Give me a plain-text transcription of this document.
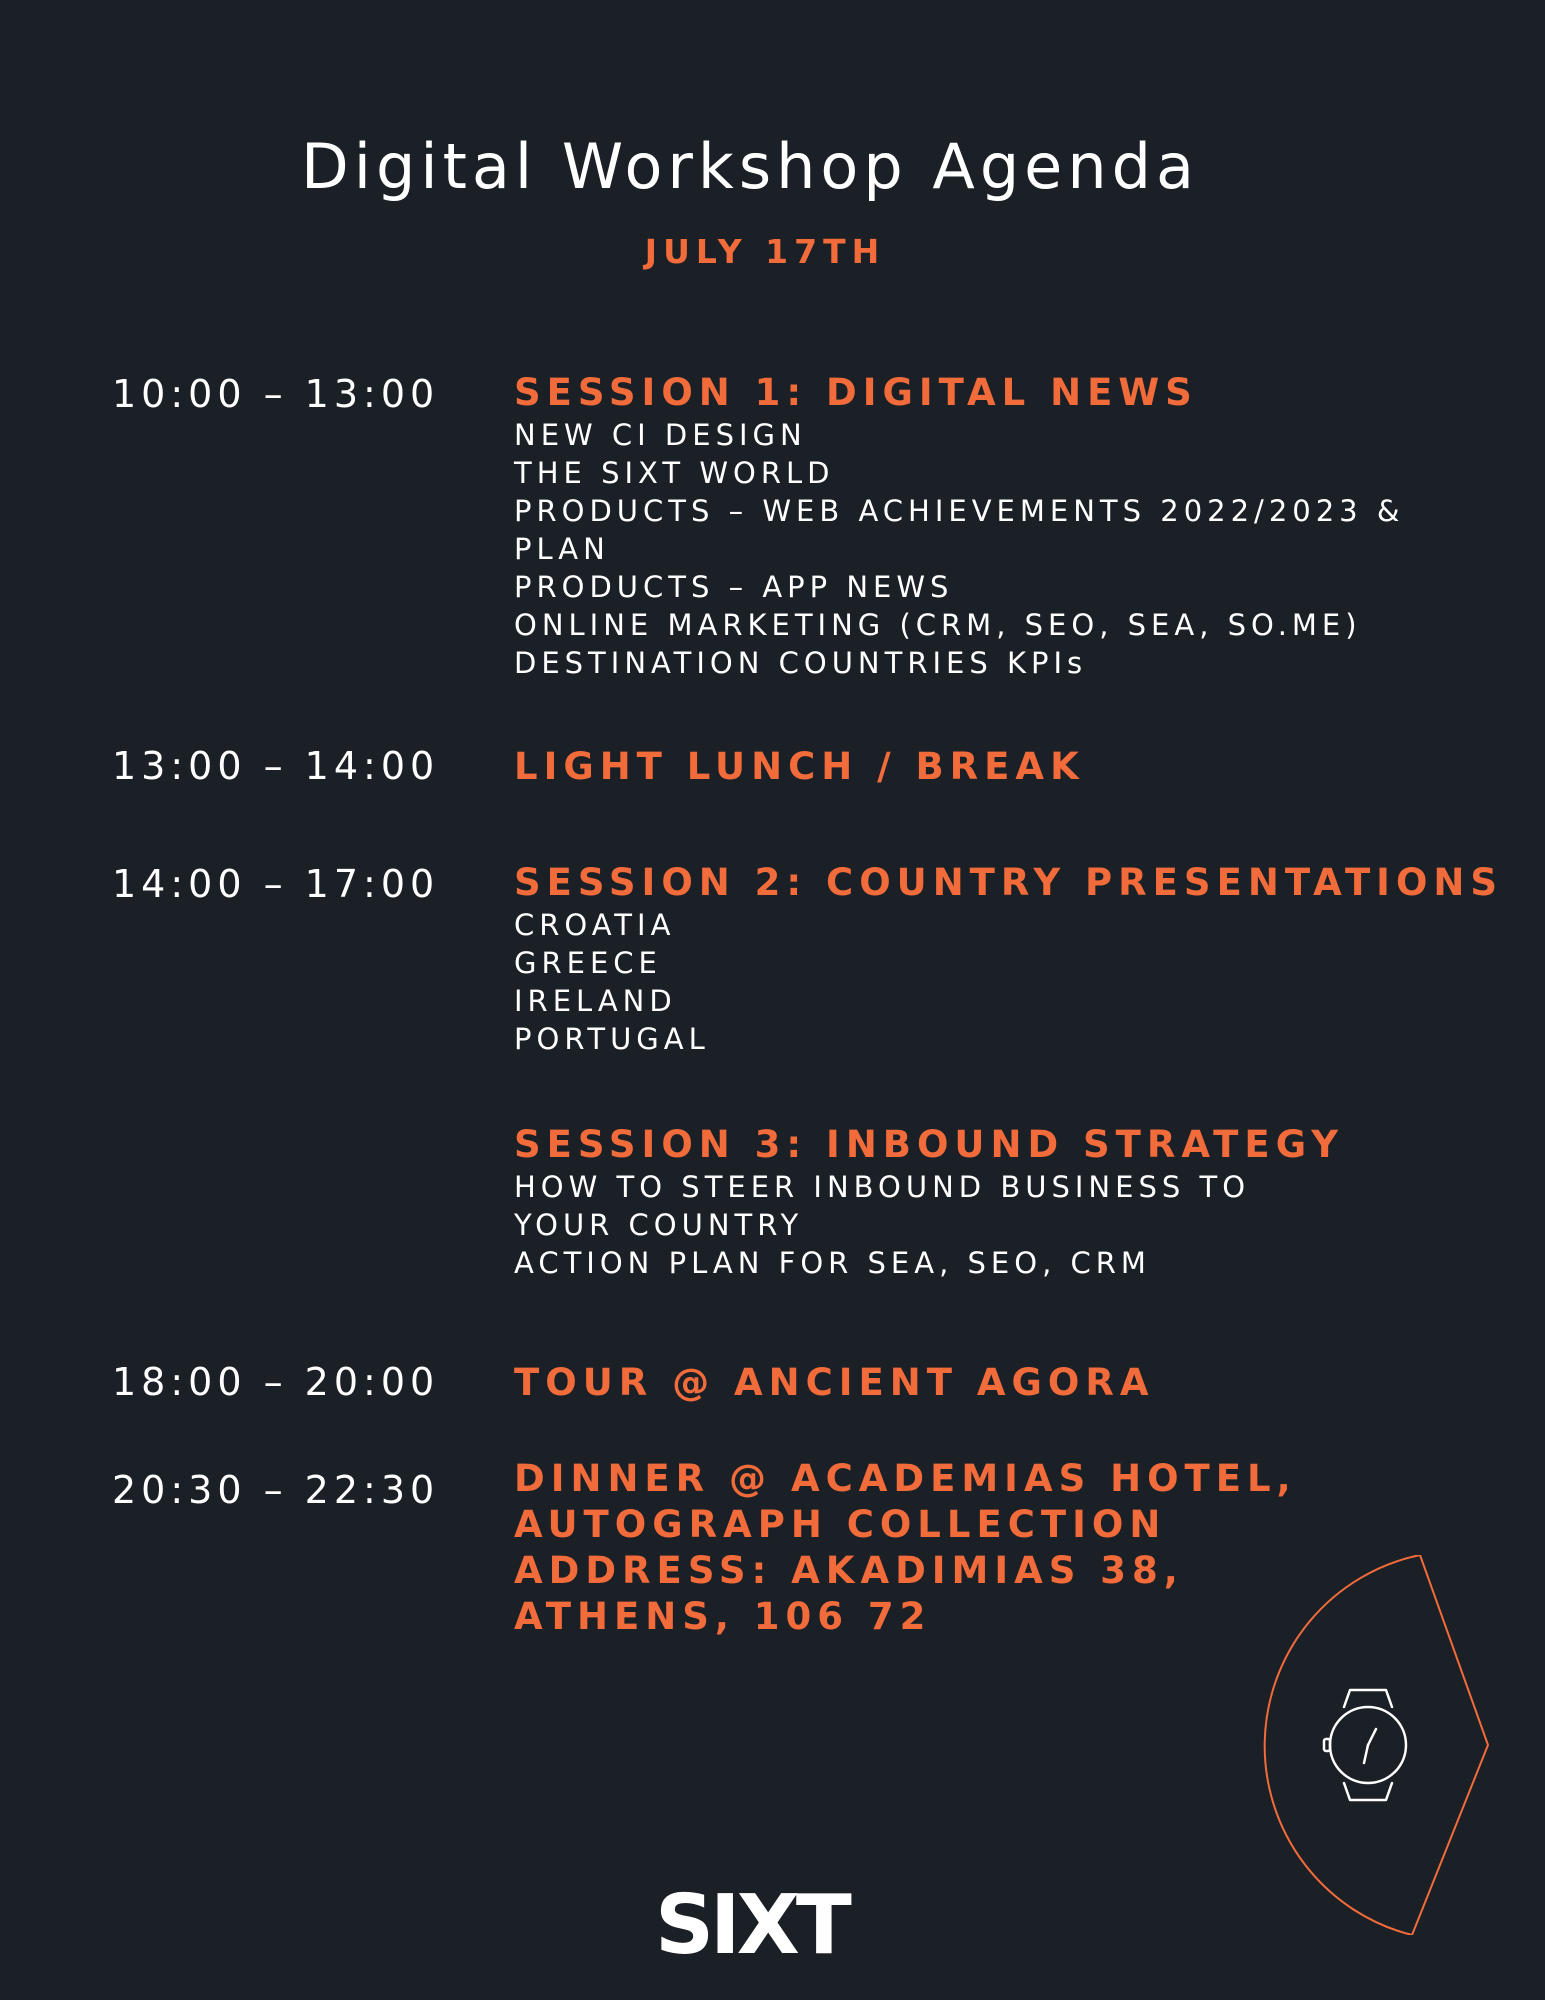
Digital Workshop Agenda
JULY 17TH
10:00 – 13:00 SESSION 1: DIGITAL NEWS
NEW CI DESIGN
THE SIXT WORLD
PRODUCTS – WEB ACHIEVEMENTS 2022/2023 &
PLAN
PRODUCTS – APP NEWS
ONLINE MARKETING (CRM, SEO, SEA, SO.ME)
DESTINATION COUNTRIES KPIs
13:00 – 14:00 LIGHT LUNCH / BREAK
14:00 – 17:00 SESSION 2: COUNTRY PRESENTATIONS
CROATIA
GREECE
IRELAND
PORTUGAL
SESSION 3: INBOUND STRATEGY
HOW TO STEER INBOUND BUSINESS TO
YOUR COUNTRY
ACTION PLAN FOR SEA, SEO, CRM
18:00 – 20:00 TOUR @ ANCIENT AGORA
20:30 – 22:30 DINNER @ ACADEMIAS HOTEL,
AUTOGRAPH COLLECTION
ADDRESS: AKADIMIAS 38,
ATHENS, 106 72
SIXT
